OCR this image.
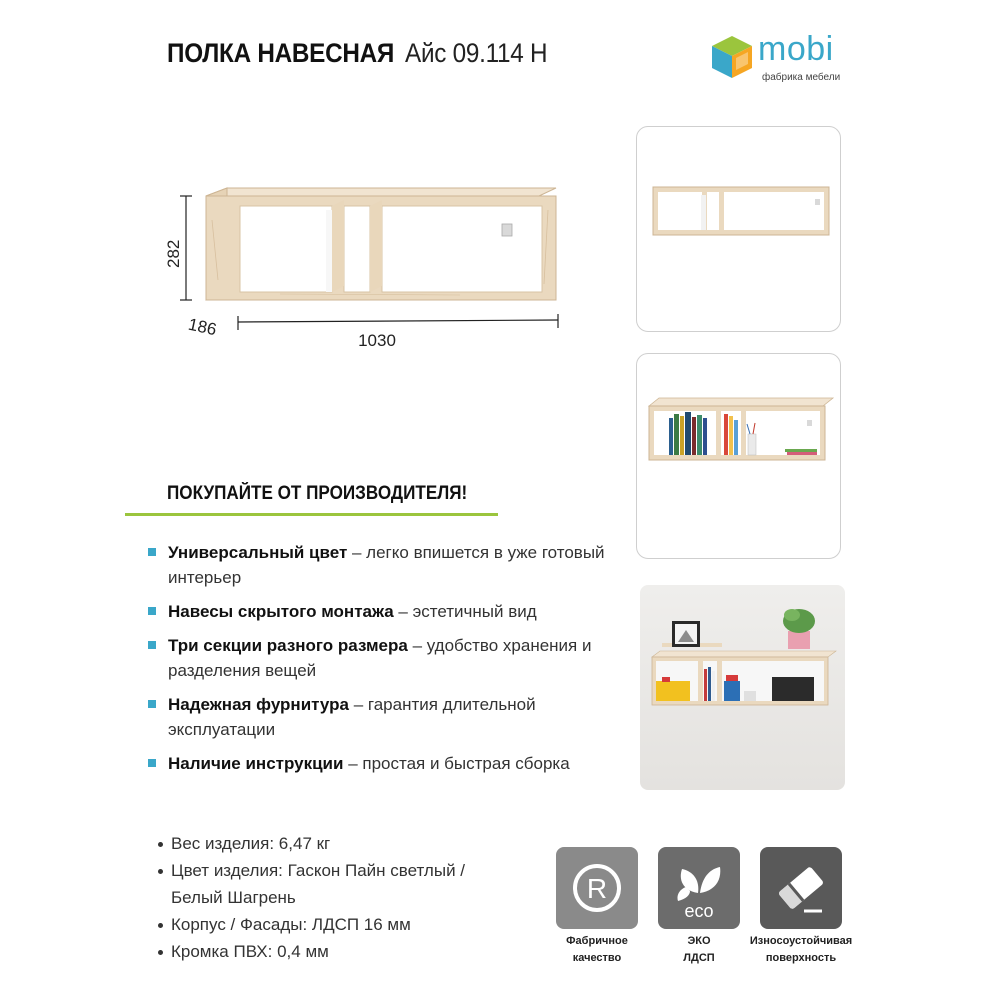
ПОЛКА НАВЕСНАЯ Айс 09.114 Н	mobi
фабрика мебели
282
186
1030
ПОКУПАЙТЕ ОТ ПРОИЗВОДИТЕЛЯ!
Универсальный цвет – легко впишется в уже готовый интерьер
Навесы скрытого монтажа – эстетичный вид
Три секции разного размера – удобство хранения и разделения вещей
Надежная фурнитура – гарантия длительной эксплуатации
Наличие инструкции – простая и быстрая сборка
Вес изделия: 6,47 кг
Цвет изделия: Гаскон Пайн светлый /
Белый Шагрень
Корпус / Фасады: ЛДСП 16 мм
Кромка ПВХ: 0,4 мм
R
eco
Фабричное
качество
ЭКО
ЛДСП
Износоустойчивая
поверхность
